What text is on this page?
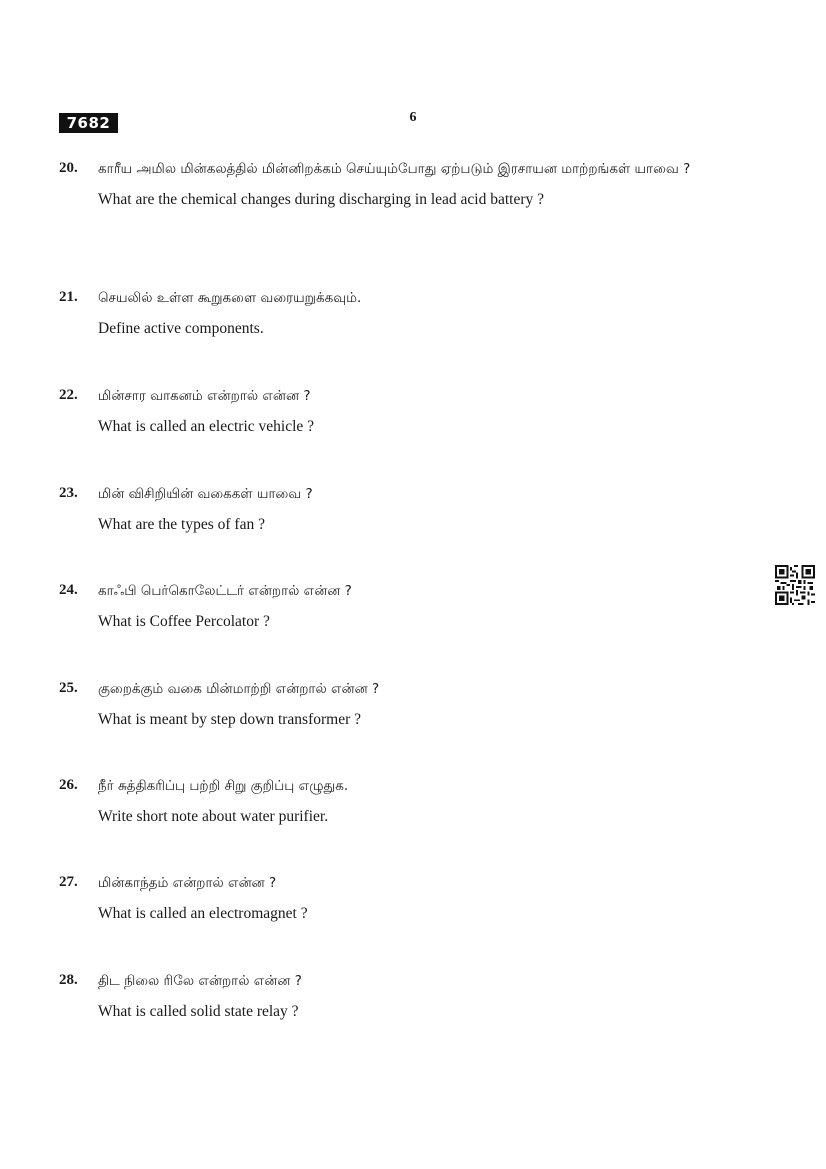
7682	6
20. காரீய அமில மின்கலத்தில் மின்னிறக்கம் செய்யும்போது ஏற்படும் இரசாயன மாற்றங்கள் யாவை ?

What are the chemical changes during discharging in lead acid battery ?

21. செயலில் உள்ள கூறுகளை வரையறுக்கவும்.

Define active components.

22. மின்சார வாகனம் என்றால் என்ன ?

What is called an electric vehicle ?

23. மின் விசிறியின் வகைகள் யாவை ?

What are the types of fan ?

24. காஃபி பெர்கொலேட்டர் என்றால் என்ன ?

What is Coffee Percolator ?

25. குறைக்கும் வகை மின்மாற்றி என்றால் என்ன ?

What is meant by step down transformer ?

26. நீர் சுத்திகரிப்பு பற்றி சிறு குறிப்பு எழுதுக.

Write short note about water purifier.

27. மின்காந்தம் என்றால் என்ன ?

What is called an electromagnet ?

28. திட நிலை ரிலே என்றால் என்ன ?

What is called solid state relay ?
